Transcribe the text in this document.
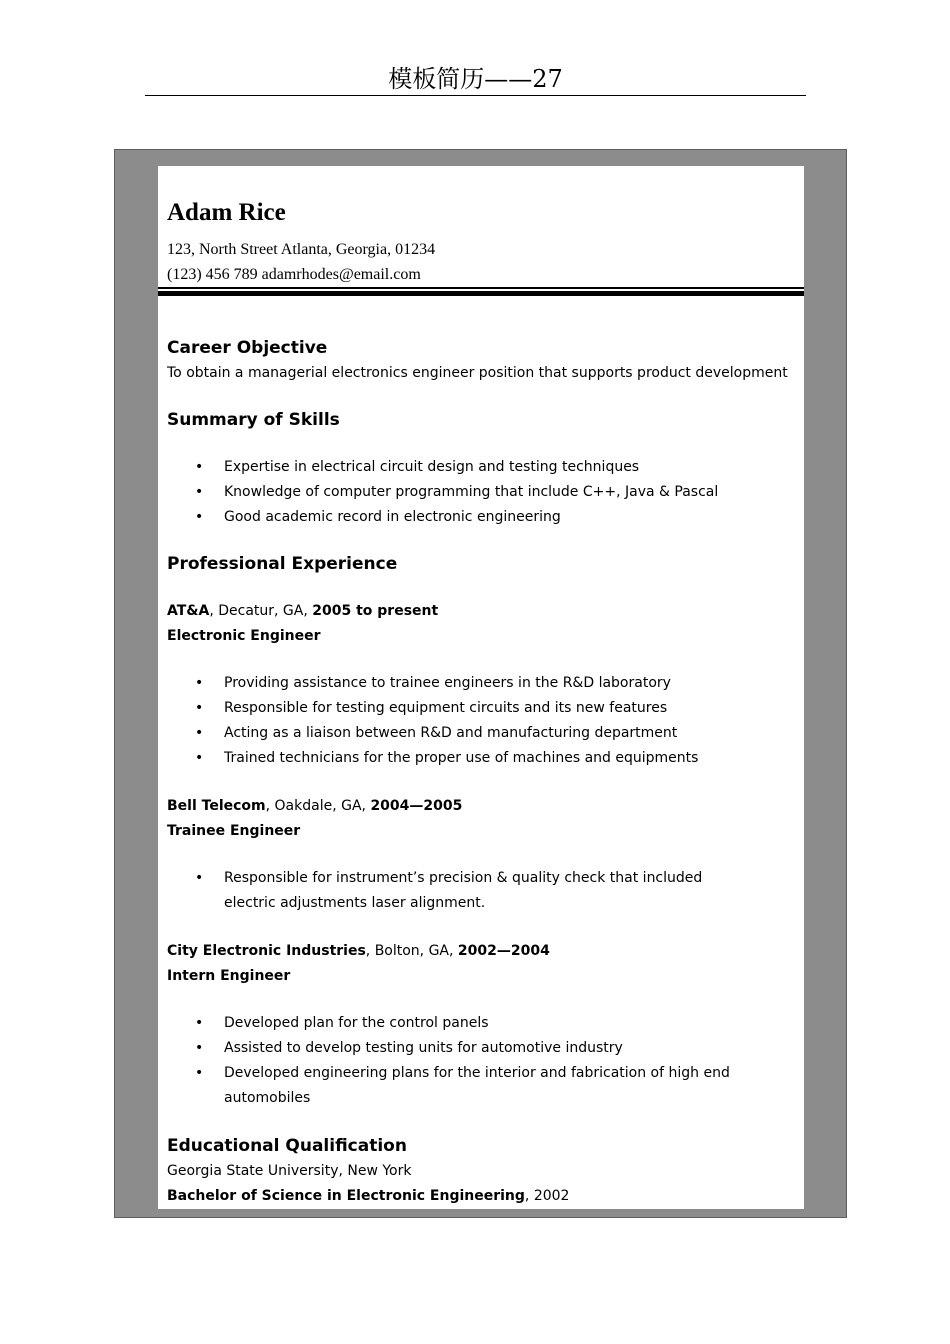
模板简历——27
Adam Rice
123, North Street Atlanta, Georgia, 01234
(123) 456 789 adamrhodes@email.com
Career Objective
To obtain a managerial electronics engineer position that supports product development
Summary of Skills
• Expertise in electrical circuit design and testing techniques
• Knowledge of computer programming that include C++, Java & Pascal
• Good academic record in electronic engineering
Professional Experience
AT&A, Decatur, GA, 2005 to present
Electronic Engineer
• Providing assistance to trainee engineers in the R&D laboratory
• Responsible for testing equipment circuits and its new features
• Acting as a liaison between R&D and manufacturing department
• Trained technicians for the proper use of machines and equipments
Bell Telecom, Oakdale, GA, 2004—2005
Trainee Engineer
• Responsible for instrument’s precision & quality check that included electric adjustments laser alignment.
City Electronic Industries, Bolton, GA, 2002—2004
Intern Engineer
• Developed plan for the control panels
• Assisted to develop testing units for automotive industry
• Developed engineering plans for the interior and fabrication of high end automobiles
Educational Qualification
Georgia State University, New York
Bachelor of Science in Electronic Engineering, 2002
